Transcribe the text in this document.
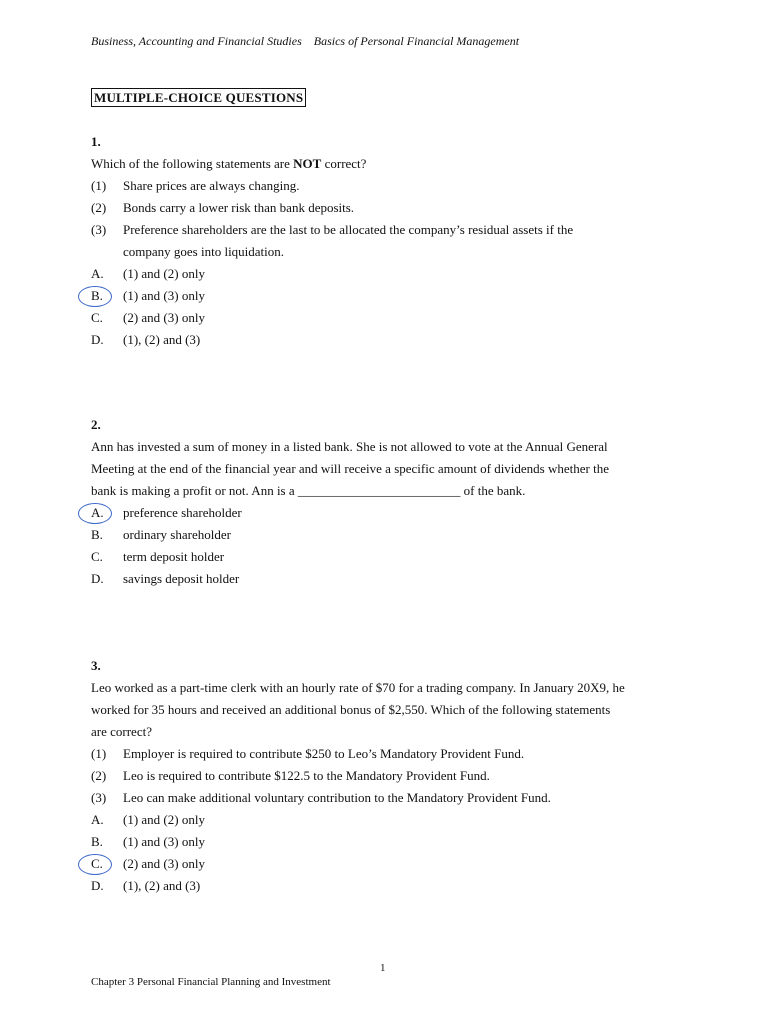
Business, Accounting and Financial Studies Basics of Personal Financial Management
MULTIPLE-CHOICE QUESTIONS
1.
Which of the following statements are NOT correct?
(1)	Share prices are always changing.
(2)	Bonds carry a lower risk than bank deposits.
(3)	Preference shareholders are the last to be allocated the company’s residual assets if the company goes into liquidation.
A.	(1) and (2) only
B.	(1) and (3) only
C.	(2) and (3) only
D.	(1), (2) and (3)
2.
Ann has invested a sum of money in a listed bank. She is not allowed to vote at the Annual General
Meeting at the end of the financial year and will receive a specific amount of dividends whether the
bank is making a profit or not. Ann is a _________________________ of the bank.
A.	preference shareholder
B.	ordinary shareholder
C.	term deposit holder
D.	savings deposit holder
3.
Leo worked as a part-time clerk with an hourly rate of $70 for a trading company. In January 20X9, he
worked for 35 hours and received an additional bonus of $2,550. Which of the following statements
are correct?
(1)	Employer is required to contribute $250 to Leo’s Mandatory Provident Fund.
(2)	Leo is required to contribute $122.5 to the Mandatory Provident Fund.
(3)	Leo can make additional voluntary contribution to the Mandatory Provident Fund.
A.	(1) and (2) only
B.	(1) and (3) only
C.	(2) and (3) only
D.	(1), (2) and (3)
1
Chapter 3 Personal Financial Planning and Investment
